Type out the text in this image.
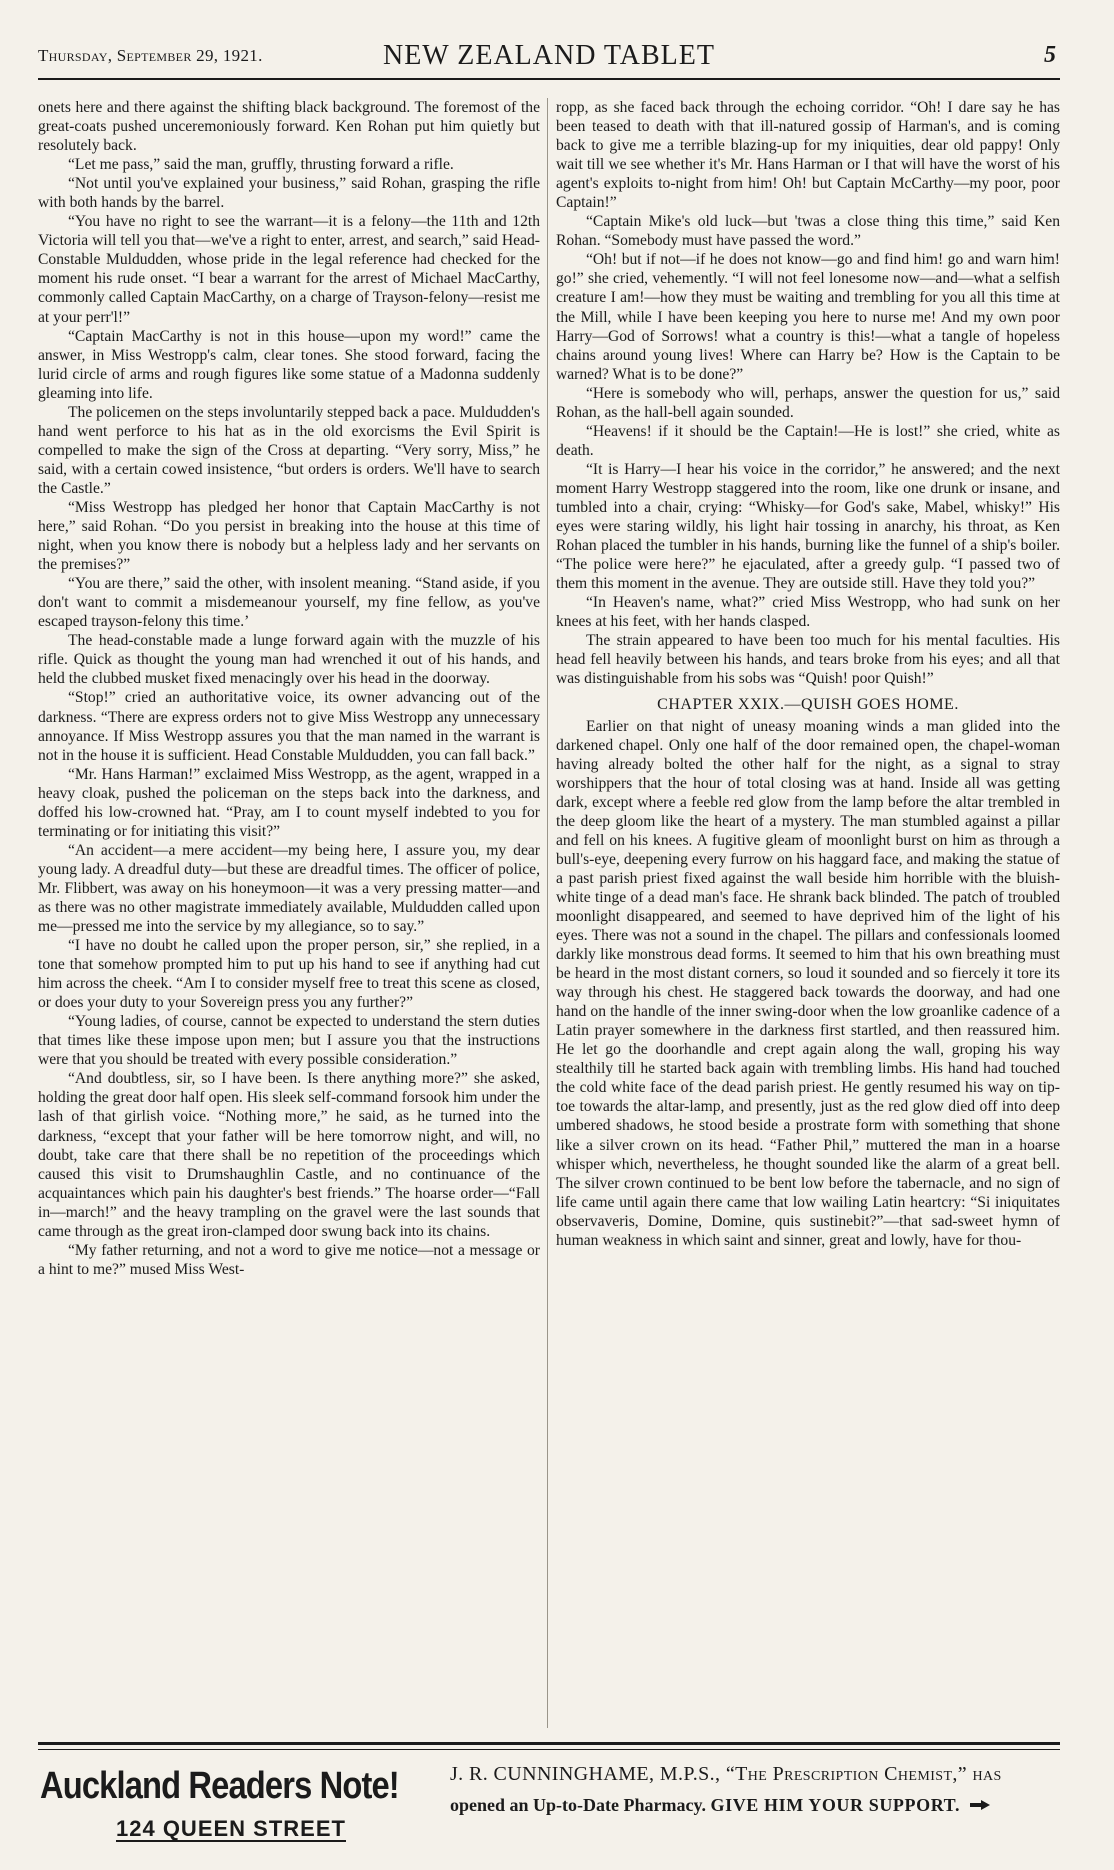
Thursday, September 29, 1921.	NEW ZEALAND TABLET	5

onets here and there against the shifting black background. The foremost of the great-coats pushed unceremoniously forward. Ken Rohan put him quietly but resolutely back.

“Let me pass,” said the man, gruffly, thrusting forward a rifle.

“Not until you've explained your business,” said Rohan, grasping the rifle with both hands by the barrel.

“You have no right to see the warrant—it is a felony—the 11th and 12th Victoria will tell you that—we've a right to enter, arrest, and search,” said Head-Constable Muldudden, whose pride in the legal reference had checked for the moment his rude onset. “I bear a warrant for the arrest of Michael MacCarthy, commonly called Captain MacCarthy, on a charge of Trayson-felony—resist me at your perr'l!”

“Captain MacCarthy is not in this house—upon my word!” came the answer, in Miss Westropp's calm, clear tones. She stood forward, facing the lurid circle of arms and rough figures like some statue of a Madonna suddenly gleaming into life.

The policemen on the steps involuntarily stepped back a pace. Muldudden's hand went perforce to his hat as in the old exorcisms the Evil Spirit is compelled to make the sign of the Cross at departing. “Very sorry, Miss,” he said, with a certain cowed insistence, “but orders is orders. We'll have to search the Castle.”

“Miss Westropp has pledged her honor that Captain MacCarthy is not here,” said Rohan. “Do you persist in breaking into the house at this time of night, when you know there is nobody but a helpless lady and her servants on the premises?”

“You are there,” said the other, with insolent meaning. “Stand aside, if you don't want to commit a misdemeanour yourself, my fine fellow, as you've escaped trayson-felony this time.’

The head-constable made a lunge forward again with the muzzle of his rifle. Quick as thought the young man had wrenched it out of his hands, and held the clubbed musket fixed menacingly over his head in the doorway.

“Stop!” cried an authoritative voice, its owner advancing out of the darkness. “There are express orders not to give Miss Westropp any unnecessary annoyance. If Miss Westropp assures you that the man named in the warrant is not in the house it is sufficient. Head Constable Muldudden, you can fall back.”

“Mr. Hans Harman!” exclaimed Miss Westropp, as the agent, wrapped in a heavy cloak, pushed the policeman on the steps back into the darkness, and doffed his low-crowned hat. “Pray, am I to count myself indebted to you for terminating or for initiating this visit?”

“An accident—a mere accident—my being here, I assure you, my dear young lady. A dreadful duty—but these are dreadful times. The officer of police, Mr. Flibbert, was away on his honeymoon—it was a very pressing matter—and as there was no other magistrate immediately available, Muldudden called upon me—pressed me into the service by my allegiance, so to say.”

“I have no doubt he called upon the proper person, sir,” she replied, in a tone that somehow prompted him to put up his hand to see if anything had cut him across the cheek. “Am I to consider myself free to treat this scene as closed, or does your duty to your Sovereign press you any further?”

“Young ladies, of course, cannot be expected to understand the stern duties that times like these impose upon men; but I assure you that the instructions were that you should be treated with every possible consideration.”

“And doubtless, sir, so I have been. Is there anything more?” she asked, holding the great door half open. His sleek self-command forsook him under the lash of that girlish voice. “Nothing more,” he said, as he turned into the darkness, “except that your father will be here tomorrow night, and will, no doubt, take care that there shall be no repetition of the proceedings which caused this visit to Drumshaughlin Castle, and no continuance of the acquaintances which pain his daughter's best friends.” The hoarse order—“Fall in—march!” and the heavy trampling on the gravel were the last sounds that came through as the great iron-clamped door swung back into its chains.

“My father returning, and not a word to give me notice—not a message or a hint to me?” mused Miss West-

ropp, as she faced back through the echoing corridor. “Oh! I dare say he has been teased to death with that ill-natured gossip of Harman's, and is coming back to give me a terrible blazing-up for my iniquities, dear old pappy! Only wait till we see whether it's Mr. Hans Harman or I that will have the worst of his agent's exploits to-night from him! Oh! but Captain McCarthy—my poor, poor Captain!”

“Captain Mike's old luck—but 'twas a close thing this time,” said Ken Rohan. “Somebody must have passed the word.”

“Oh! but if not—if he does not know—go and find him! go and warn him! go!” she cried, vehemently. “I will not feel lonesome now—and—what a selfish creature I am!—how they must be waiting and trembling for you all this time at the Mill, while I have been keeping you here to nurse me! And my own poor Harry—God of Sorrows! what a country is this!—what a tangle of hopeless chains around young lives! Where can Harry be? How is the Captain to be warned? What is to be done?”

“Here is somebody who will, perhaps, answer the question for us,” said Rohan, as the hall-bell again sounded.

“Heavens! if it should be the Captain!—He is lost!” she cried, white as death.

“It is Harry—I hear his voice in the corridor,” he answered; and the next moment Harry Westropp staggered into the room, like one drunk or insane, and tumbled into a chair, crying: “Whisky—for God's sake, Mabel, whisky!” His eyes were staring wildly, his light hair tossing in anarchy, his throat, as Ken Rohan placed the tumbler in his hands, burning like the funnel of a ship's boiler. “The police were here?” he ejaculated, after a greedy gulp. “I passed two of them this moment in the avenue. They are outside still. Have they told you?”

“In Heaven's name, what?” cried Miss Westropp, who had sunk on her knees at his feet, with her hands clasped.

The strain appeared to have been too much for his mental faculties. His head fell heavily between his hands, and tears broke from his eyes; and all that was distinguishable from his sobs was “Quish! poor Quish!”

CHAPTER XXIX.—QUISH GOES HOME.

Earlier on that night of uneasy moaning winds a man glided into the darkened chapel. Only one half of the door remained open, the chapel-woman having already bolted the other half for the night, as a signal to stray worshippers that the hour of total closing was at hand. Inside all was getting dark, except where a feeble red glow from the lamp before the altar trembled in the deep gloom like the heart of a mystery. The man stumbled against a pillar and fell on his knees. A fugitive gleam of moonlight burst on him as through a bull's-eye, deepening every furrow on his haggard face, and making the statue of a past parish priest fixed against the wall beside him horrible with the bluish-white tinge of a dead man's face. He shrank back blinded. The patch of troubled moonlight disappeared, and seemed to have deprived him of the light of his eyes. There was not a sound in the chapel. The pillars and confessionals loomed darkly like monstrous dead forms. It seemed to him that his own breathing must be heard in the most distant corners, so loud it sounded and so fiercely it tore its way through his chest. He staggered back towards the doorway, and had one hand on the handle of the inner swing-door when the low groanlike cadence of a Latin prayer somewhere in the darkness first startled, and then reassured him. He let go the doorhandle and crept again along the wall, groping his way stealthily till he started back again with trembling limbs. His hand had touched the cold white face of the dead parish priest. He gently resumed his way on tip-toe towards the altar-lamp, and presently, just as the red glow died off into deep umbered shadows, he stood beside a prostrate form with something that shone like a silver crown on its head. “Father Phil,” muttered the man in a hoarse whisper which, nevertheless, he thought sounded like the alarm of a great bell. The silver crown continued to be bent low before the tabernacle, and no sign of life came until again there came that low wailing Latin heartcry: “Si iniquitates observaveris, Domine, Domine, quis sustinebit?”—that sad-sweet hymn of human weakness in which saint and sinner, great and lowly, have for thou-

Auckland Readers Note!
124 QUEEN STREET
J. R. CUNNINGHAME, M.P.S., “The Prescription Chemist,” has
opened an Up-to-Date Pharmacy. GIVE HIM YOUR SUPPORT.
